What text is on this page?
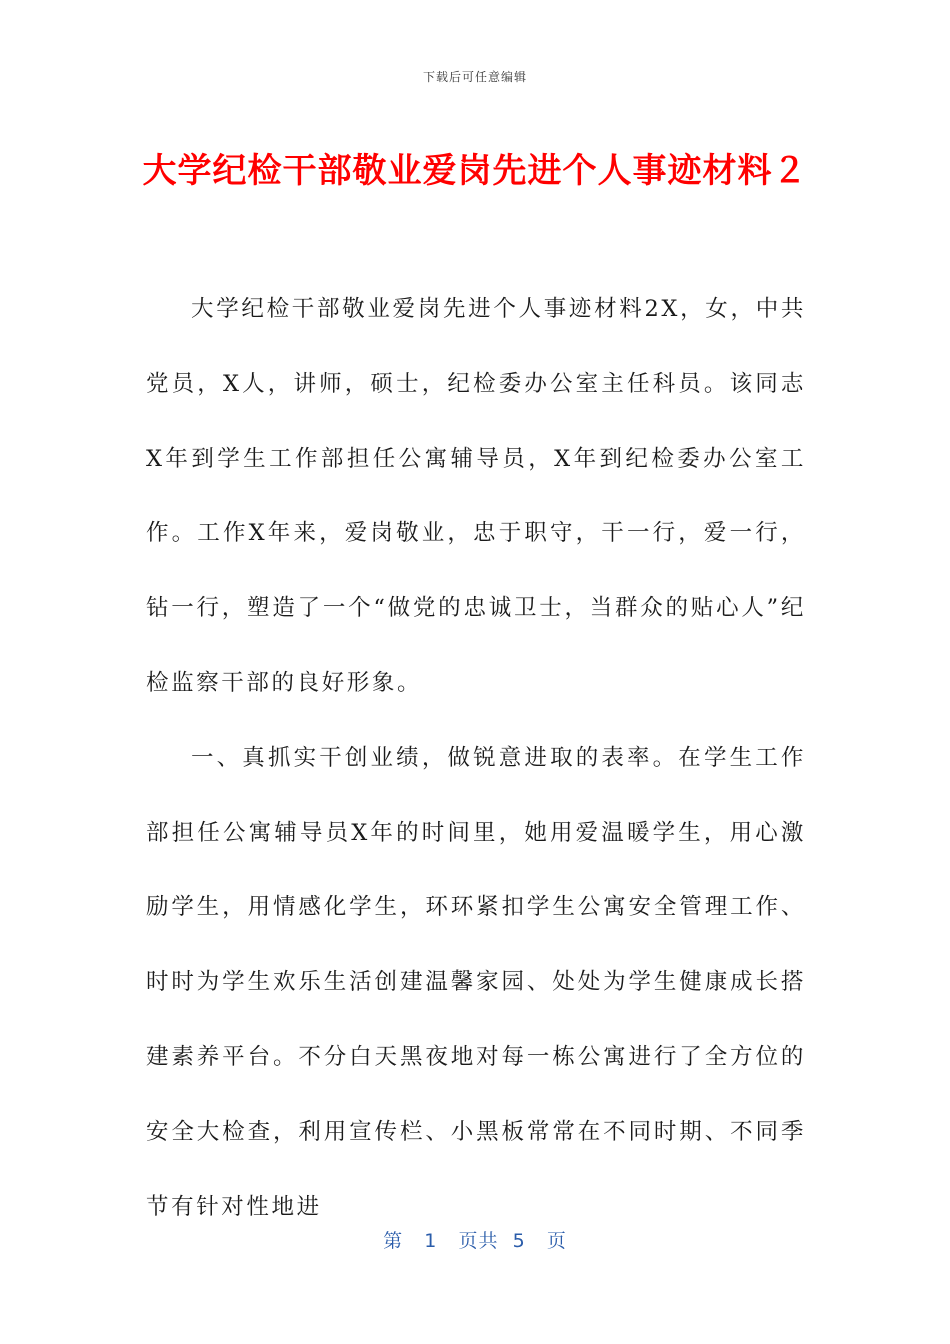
下载后可任意编辑
大学纪检干部敬业爱岗先进个人事迹材料２

大学纪检干部敬业爱岗先进个人事迹材料2X，女，中共党员，X人，讲师，硕士，纪检委办公室主任科员。该同志X年到学生工作部担任公寓辅导员，X年到纪检委办公室工作。工作X年来，爱岗敬业，忠于职守，干一行，爱一行，钻一行，塑造了一个“做党的忠诚卫士，当群众的贴心人”纪检监察干部的良好形象。

一、真抓实干创业绩，做锐意进取的表率。在学生工作部担任公寓辅导员X年的时间里，她用爱温暖学生，用心激励学生，用情感化学生，环环紧扣学生公寓安全管理工作、时时为学生欢乐生活创建温馨家园、处处为学生健康成长搭建素养平台。不分白天黑夜地对每一栋公寓进行了全方位的安全大检查，利用宣传栏、小黑板常常在不同时期、不同季节有针对性地进

第 1 页共 5 页
